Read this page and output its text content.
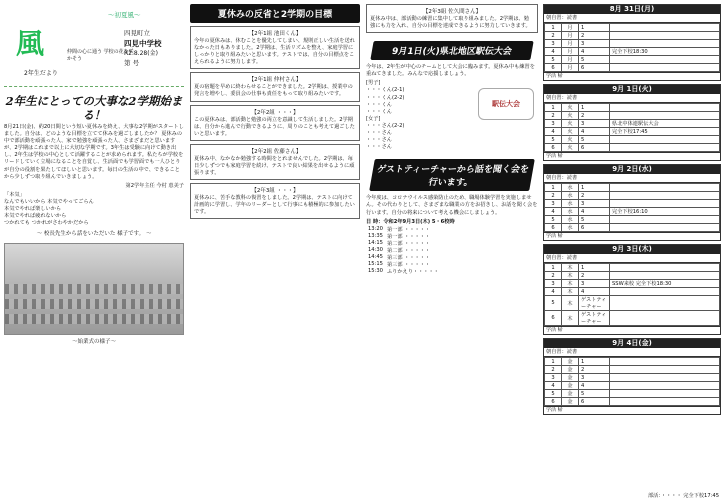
～初夏風～
風	四見町立
四見中学校
仲間の心に通う 学校の花を咲かそう
R2.8.28(金)
第 号
2年生だより
2年生にとっての大事な2学期始まる！
8月21日(金)、約20日間という短い夏休みを終え、大事な2学期がスタートしました。自分は、どのような目標を立てて休みを過ごしましたか？ 夏休みの中で部活動を頑張った人、家で勉強を頑張った人、さまざまだと思いますが、2学期はこれまで以上に大切な学期です。3年生は受験に向けて動き出し、2年生は学校の中心として活躍することが求められます。私たちが学校をリードしていく立場になることを自覚し、生活面でも学習面でも一人ひとりが自分の役割を果たしてほしいと思います。毎日の生活の中で、できることから少しずつ取り組んでいきましょう。
第2学年主任 今村 恵美子
「本気」
なんでもいいから 本気でやってごらん
本気でやれば楽しいから
本気でやれば疲れないから
つかれても つかれがさわやかだから
～ 校長先生から話をいただいた 様子です。 ～
～始業式の様子～
夏休みの反省と2学期の目標
【2年1組 池田くん】
今年の夏休みは、休むことを優先してしまい、規則正しい生活を送れなかった日もありました。2学期は、生活リズムを整え、家庭学習にしっかりと取り組みたいと思います。テストでは、自分の目標点をこえられるように努力します。
【2年1組 仲村さん】
夏の宿題を早めに終わらせることができました。2学期は、授業中の発言を増やし、委員会の仕事も責任をもって取り組みたいです。
【2年2組 ・・・】
この夏休みは、部活動と勉強の両立を意識して生活しました。2学期は、自分から進んで行動できるように、周りのことも考えて過ごしたいと思います。
【2年2組 佐藤さん】
夏休み中、なかなか勉強する時間をとれませんでした。2学期は、毎日少しずつでも家庭学習を続け、テストで良い結果を出せるように頑張ります。
【2年3組 ・・・】
夏休みに、苦手な教科の復習をしました。2学期は、テストに向けて計画的に学習し、学年のリーダーとして行事にも積極的に参加したいです。
【2年3組 佐久間さん】
夏休み中は、部活動の練習に集中して取り組みました。2学期は、勉強にも力を入れ、自分の目標を達成できるように努力していきます。
9月1日(火)県北地区駅伝大会
今年は、2年生が中心のチームとして大会に臨みます。夏休み中も練習を重ねてきました。みんなで応援しましょう。
[男子]
・・・くん(2-1)
・・・くん(2-2)
・・・くん
・・・くん
[女子]
・・・さん(2-2)
・・・さん
・・・さん
・・・さん
駅伝大会
ゲストティーチャーから話を聞く会を行います。
今年度は、コロナウイルス感染防止のため、職場体験学習を実施しません。その代わりとして、さまざまな職業の方をお招きし、お話を聞く会を行います。自分の将来について考える機会にしましょう。
日 時：令和2年9月3日(木) 5・6校時
13:20	第一部 ・・・・・
13:35	第一部 ・・・・・
14:15	第二部 ・・・・・
14:30	第二部 ・・・・・
14:45	第三部 ・・・・・
15:15	第三部 ・・・・・
15:30	ふりかえり・・・・・
8月 31日(月)
朝自習：読書
1	月	1	
2	月	2	
3	月	3	
4	月	4	完全下校18:30
5	月	5	
6	月	6	
学活 帰
9月 1日(火)
朝自習：読書
1	火	1	
2	火	2	
3	火	3	県北中体連駅伝大会
4	火	4	完全下校17:45
5	火	5	
6	火	6	
学活 帰
9月 2日(水)
朝自習：読書
1	水	1	
2	水	2	
3	水	3	
4	水	4	完全下校16:10
5	水	5	
6	水	6	
学活 帰
9月 3日(木)
朝自習：読書
1	木	1	
2	木	2	
3	木	3	SSW来校 完全下校18:30
4	木	4	
5	木	ゲストティーチャー	
6	木	ゲストティーチャー	
学活 帰
9月 4日(金)
朝自習：読書
1	金	1	
2	金	2	
3	金	3	
4	金	4	
5	金	5	
6	金	6	
学活 帰
部活：・・・・ 完全下校17:45
